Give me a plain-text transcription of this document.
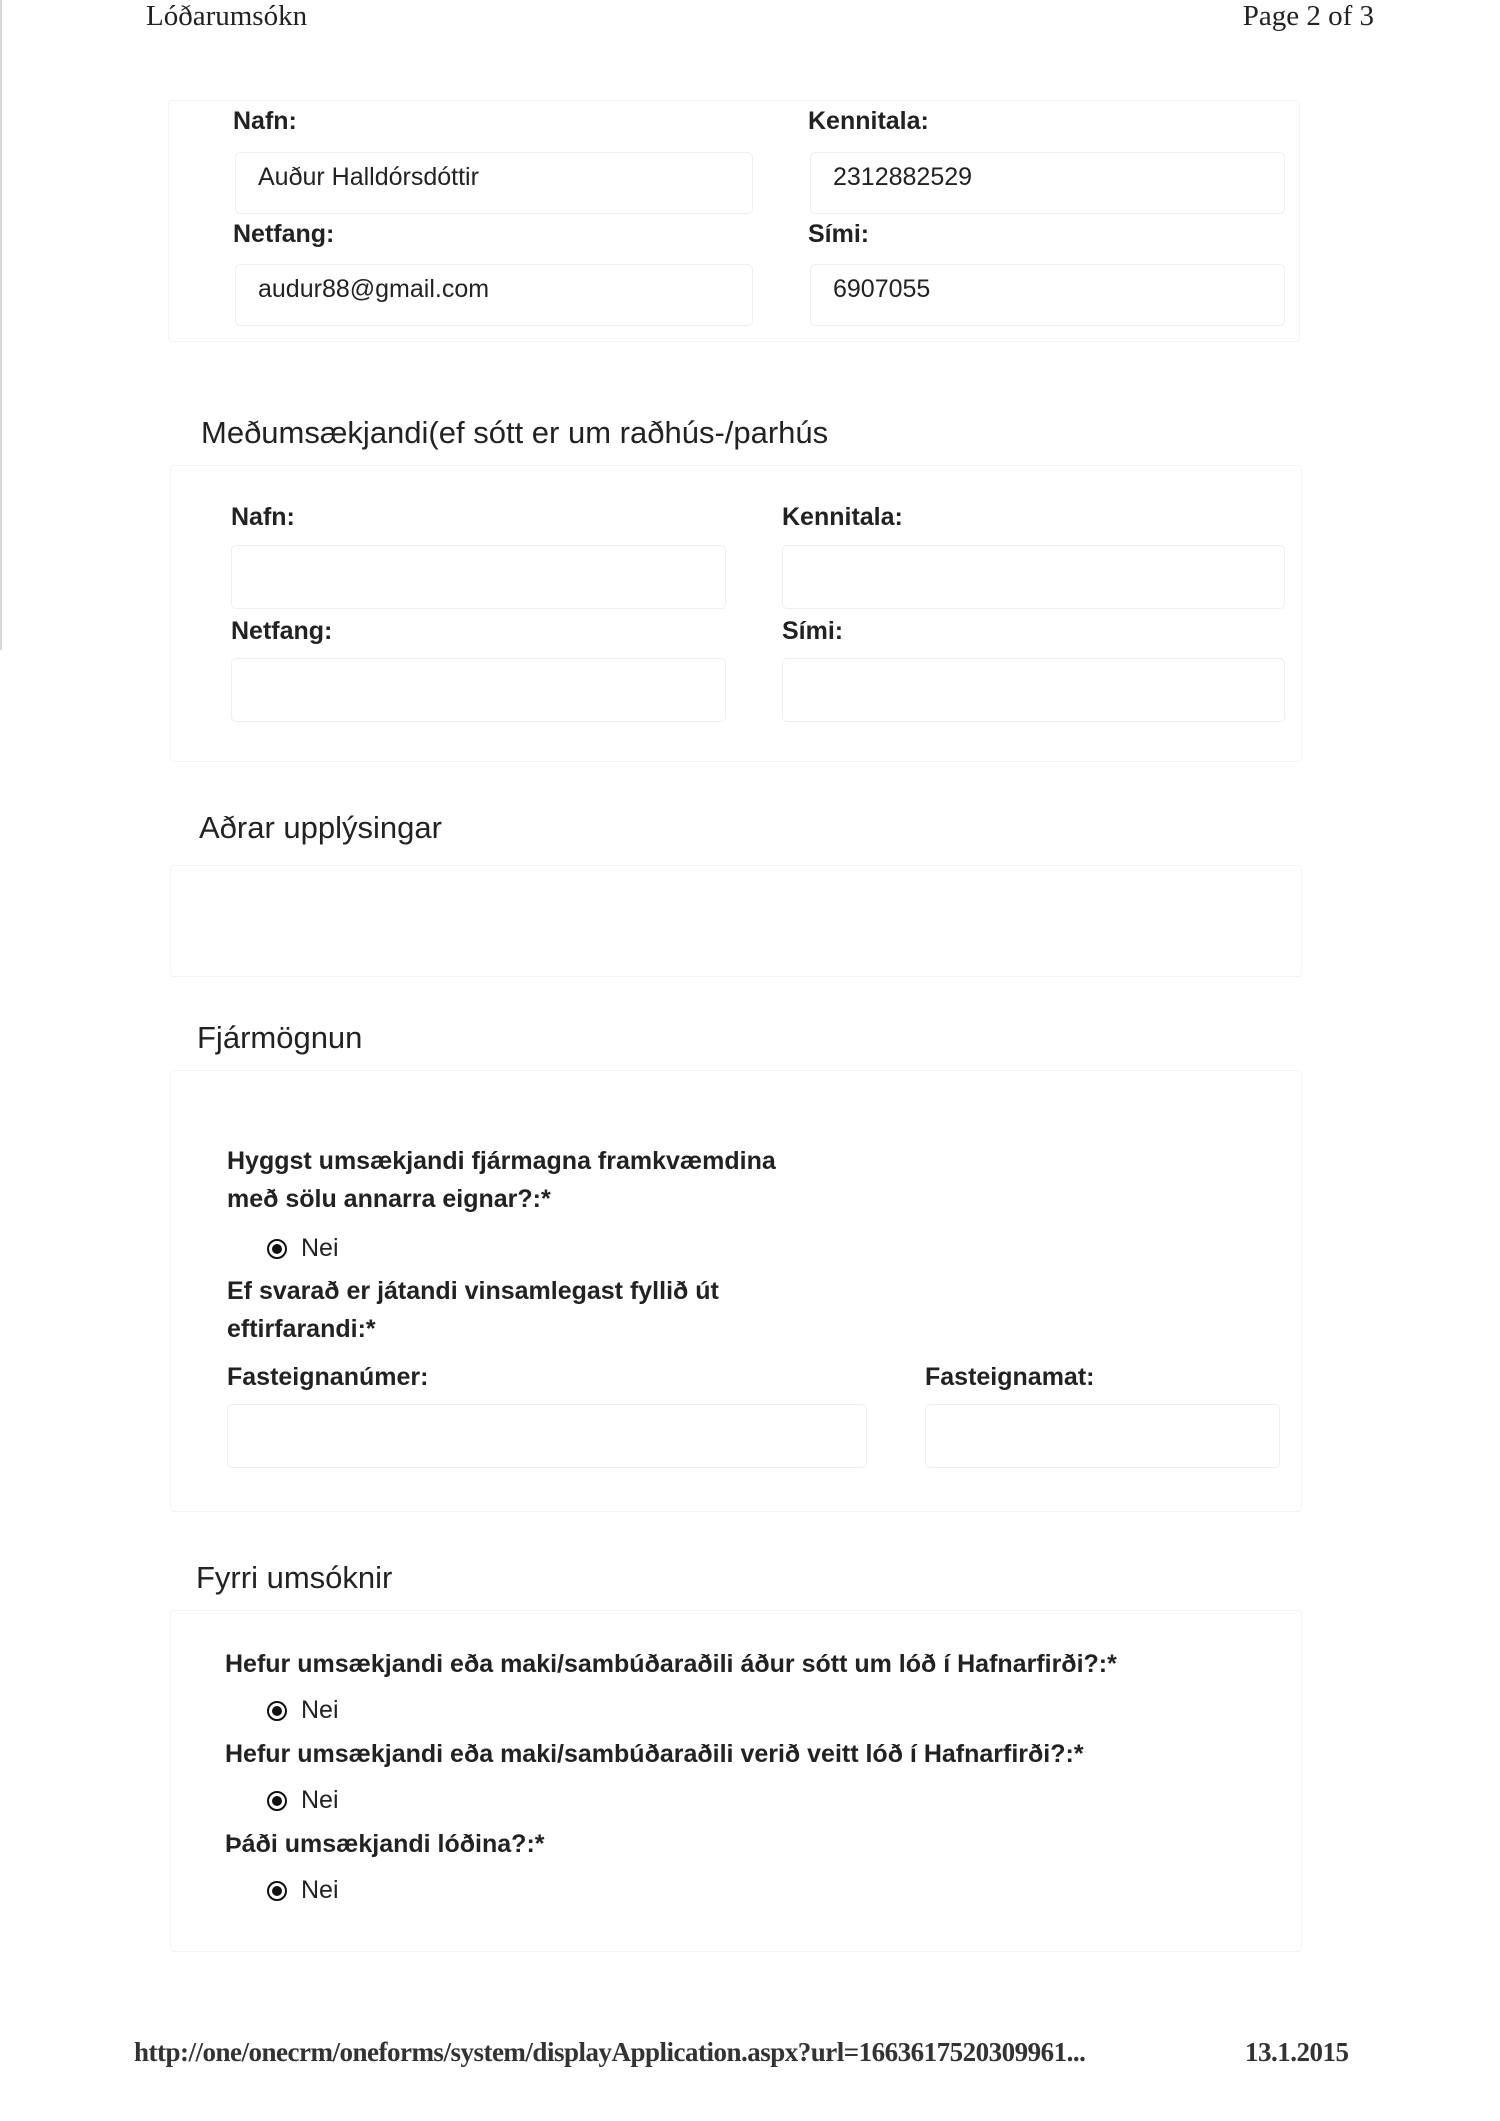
Lóðarumsókn	Page 2 of 3
Nafn:	Kennitala:
Auður Halldórsdóttir	2312882529
Netfang:	Sími:
audur88@gmail.com	6907055
Meðumsækjandi(ef sótt er um raðhús-/parhús
Nafn:	Kennitala:
Netfang:	Sími:
Aðrar upplýsingar
Fjármögnun
Hyggst umsækjandi fjármagna framkvæmdina
með sölu annarra eignar?:*
Nei
Ef svarað er játandi vinsamlegast fyllið út
eftirfarandi:*
Fasteignanúmer:	Fasteignamat:
Fyrri umsóknir
Hefur umsækjandi eða maki/sambúðaraðili áður sótt um lóð í Hafnarfirði?:*
Nei
Hefur umsækjandi eða maki/sambúðaraðili verið veitt lóð í Hafnarfirði?:*
Nei
Þáði umsækjandi lóðina?:*
Nei
http://one/onecrm/oneforms/system/displayApplication.aspx?url=1663617520309961...	13.1.2015
